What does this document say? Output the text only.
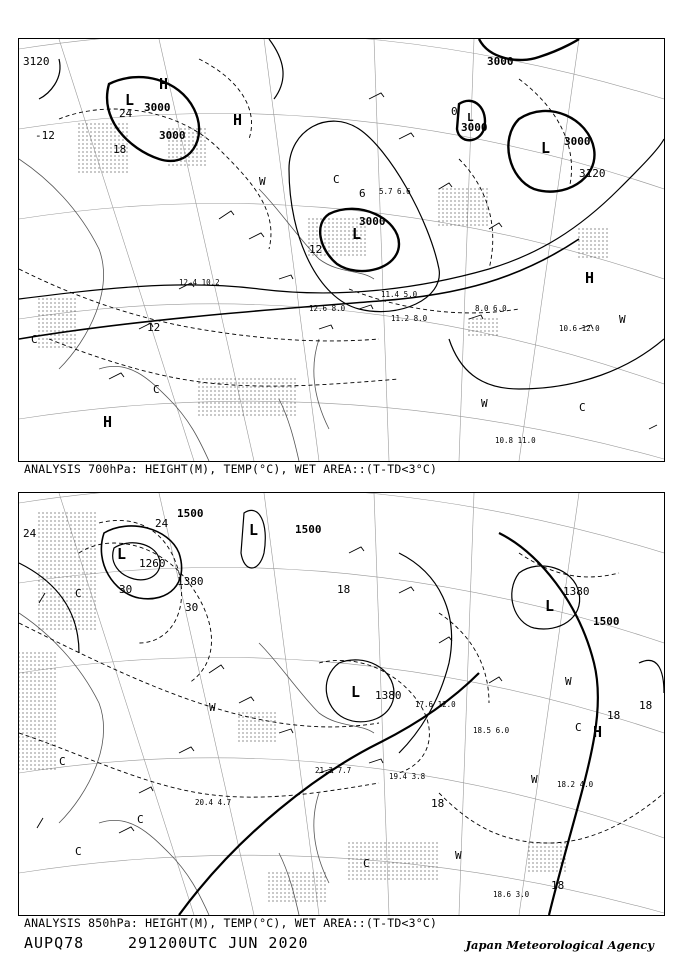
3120
3000
3000
3000
3000
3000
3120
3000
-12
24
18
12
12
6
0
L
H
H
L
L
L
H
H
C
C
C
W
W
C
W
5.7 6.6
12.4 10.2
11.4 5.0
8.0 6.0
10.6 12.0
10.8 11.0
11.2 8.0
12.6 8.0
ANALYSIS 700hPa: HEIGHT(M), TEMP(°C), WET AREA::(T-TD<3°C)
1500
1500
1260
1380
1380
1500
1380
24
24
30
30
18
18
18
18
18
L
L
L
L
H
C
C
C
C
C
W
W
W
W
C
19.4 3.8
18.2 4.0
18.6 3.0
21.2 7.7
20.4 4.7
17.6 12.0
18.5 6.0
ANALYSIS 850hPa: HEIGHT(M), TEMP(°C), WET AREA::(T-TD<3°C)
AUPQ78	291200UTC JUN 2020	Japan Meteorological Agency
